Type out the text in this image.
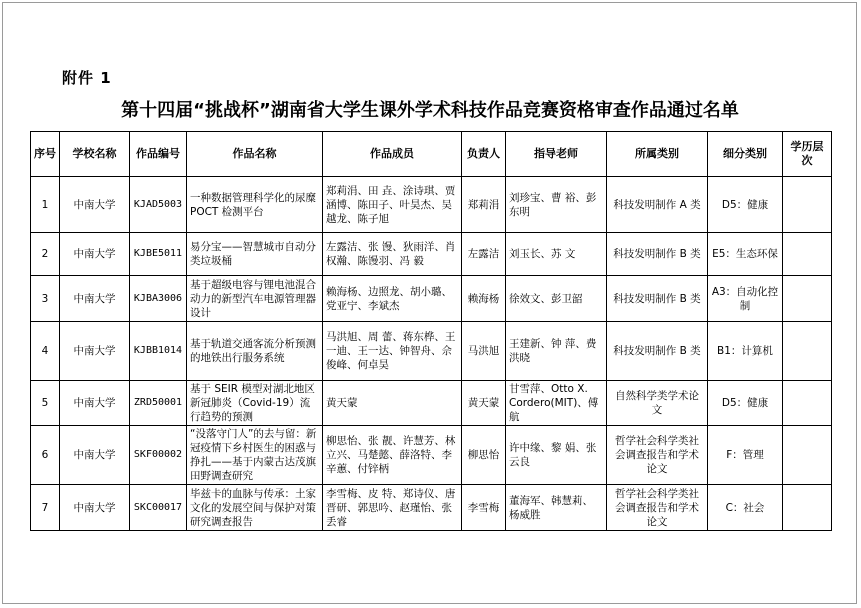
附件 1
第十四届“挑战杯”湖南省大学生课外学术科技作品竞赛资格审查作品通过名单
序号	学校名称	作品编号	作品名称	作品成员	负责人	指导老师	所属类别	细分类别	学历层次
1	中南大学	KJAD5003	一种数据管理科学化的尿糜 POCT 检测平台	郑莉涓、田 垚、涂诗琪、贾涵博、陈田子、叶昊杰、吴越龙、陈子旭	郑莉涓	刘珍宝、曹 裕、彭东明	科技发明制作 A 类	D5：健康	
2	中南大学	KJBE5011	易分宝——智慧城市自动分类垃圾桶	左露洁、张 馒、狄雨洋、肖权瀚、陈馒羽、冯 毅	左露洁	刘玉长、苏 文	科技发明制作 B 类	E5：生态环保	
3	中南大学	KJBA3006	基于超级电容与锂电池混合动力的新型汽车电源管理器设计	赖海杨、边照龙、胡小璐、党亚宁、李斌杰	赖海杨	徐效文、彭卫韶	科技发明制作 B 类	A3：自动化控制	
4	中南大学	KJBB1014	基于轨道交通客流分析预测的地铁出行服务系统	马洪旭、周 蕾、蒋东桦、王一迪、王一达、钟智舟、佘俊峰、何卓昊	马洪旭	王建新、钟 萍、费洪晓	科技发明制作 B 类	B1：计算机	
5	中南大学	ZRD50001	基于 SEIR 模型对湖北地区新冠肺炎（Covid-19）流行趋势的预测	黄天蒙	黄天蒙	甘雪萍、Otto X. Cordero(MIT)、傅航	自然科学类学术论文	D5：健康	
6	中南大学	SKF00002	“没落守门人”的去与留：新冠疫情下乡村医生的困惑与挣扎——基于内蒙古达茂旗田野调查研究	柳思怡、张 靓、许慧芳、林立兴、马楚懿、薛洛特、李辛蕙、付锌柄	柳思怡	许中缘、黎 娟、张云良	哲学社会科学类社会调查报告和学术论文	F：管理	
7	中南大学	SKC00017	毕兹卡的血脉与传承：土家文化的发展空间与保护对策研究调查报告	李雪梅、皮 特、郑诗仪、唐晋研、郭思吟、赵瑾怡、张丢睿	李雪梅	董海军、韩慧莉、杨威胜	哲学社会科学类社会调查报告和学术论文	C：社会	
